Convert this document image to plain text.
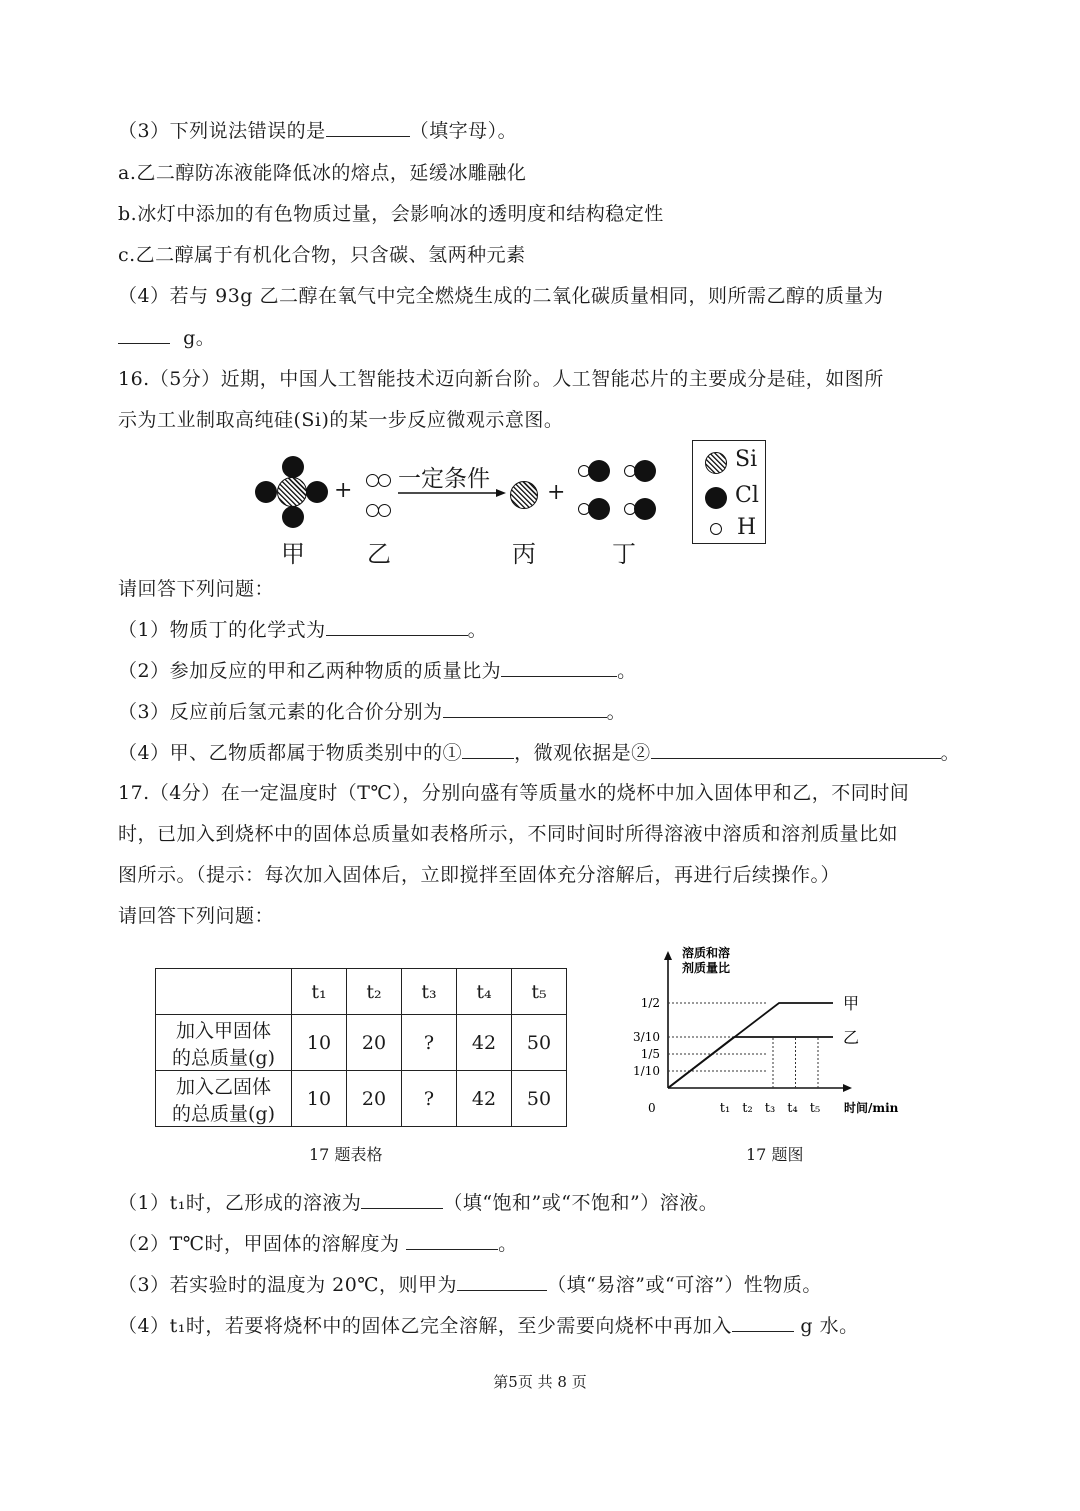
（3）下列说法错误的是	（填字母）。
a.乙二醇防冻液能降低冰的熔点，延缓冰雕融化
b.冰灯中添加的有色物质过量，会影响冰的透明度和结构稳定性
c.乙二醇属于有机化合物，只含碳、氢两种元素
（4）若与 93g 乙二醇在氧气中完全燃烧生成的二氧化碳质量相同，则所需乙醇的质量为
g。
16.（5分）近期，中国人工智能技术迈向新台阶。人工智能芯片的主要成分是硅，如图所
示为工业制取高纯硅(Si)的某一步反应微观示意图。
+ 一定条件
+
甲	乙	丙	丁
Si
Cl
H
请回答下列问题：
（1）物质丁的化学式为	。
（2）参加反应的甲和乙两种物质的质量比为	。
（3）反应前后氢元素的化合价分别为	。
（4）甲、乙物质都属于物质类别中的①	，微观依据是②	。
17.（4分）在一定温度时（T℃），分别向盛有等质量水的烧杯中加入固体甲和乙，不同时间
时，已加入到烧杯中的固体总质量如表格所示，不同时间时所得溶液中溶质和溶剂质量比如
图所示。（提示：每次加入固体后，立即搅拌至固体充分溶解后，再进行后续操作。）
请回答下列问题：
	t₁	t₂	t₃	t₄	t₅

加入甲固体
的总质量(g)	10	20	?	42	50

加入乙固体
的总质量(g)	10	20	?	42	50
17 题表格
溶质和溶
剂质量比
时间/min
0
1/10
1/5
3/10
1/2
t₁ t₂ t₃ t₄ t₅
甲
乙
17 题图
（1）t₁时，乙形成的溶液为	（填“饱和”或“不饱和”）溶液。
（2）T℃时，甲固体的溶解度为	。
（3）若实验时的温度为 20℃，则甲为	（填“易溶”或“可溶”）性物质。
（4）t₁时，若要将烧杯中的固体乙完全溶解，至少需要向烧杯中再加入	g 水。
第5页 共 8 页
